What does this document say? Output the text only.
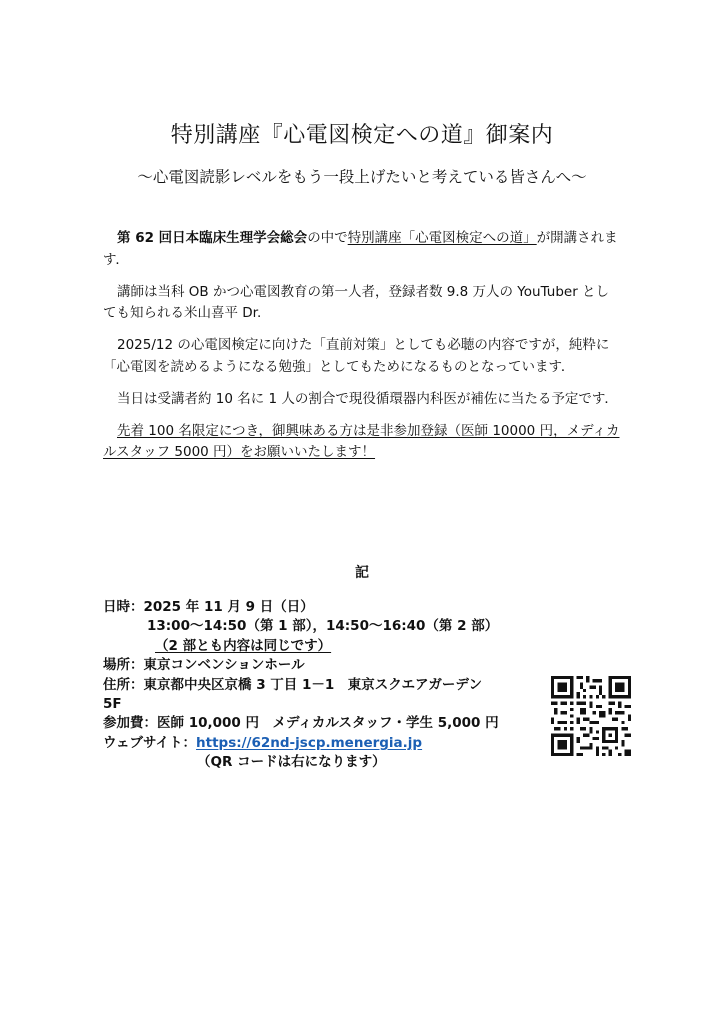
特別講座『心電図検定への道』御案内
～心電図読影レベルをもう一段上げたいと考えている皆さんへ～

第 62 回日本臨床生理学会総会の中で特別講座「心電図検定への道」が開講されます．

講師は当科 OB かつ心電図教育の第一人者，登録者数 9.8 万人の YouTuber としても知られる米山喜平 Dr.

2025/12 の心電図検定に向けた「直前対策」としても必聴の内容ですが，純粋に「心電図を読めるようになる勉強」としてもためになるものとなっています．

当日は受講者約 10 名に 1 人の割合で現役循環器内科医が補佐に当たる予定です．

先着 100 名限定につき，御興味ある方は是非参加登録（医師 10000 円，メディカルスタッフ 5000 円）をお願いいたします！

記

日時：2025 年 11 月 9 日（日）

13:00～14:50（第 1 部），14:50～16:40（第 2 部）

（2 部とも内容は同じです）

場所：東京コンベンションホール

住所：東京都中央区京橋 3 丁目 1－1　東京スクエアガーデン

5F

参加費：医師 10,000 円　メディカルスタッフ・学生 5,000 円

ウェブサイト：https://62nd-jscp.menergia.jp

（QR コードは右になります）
